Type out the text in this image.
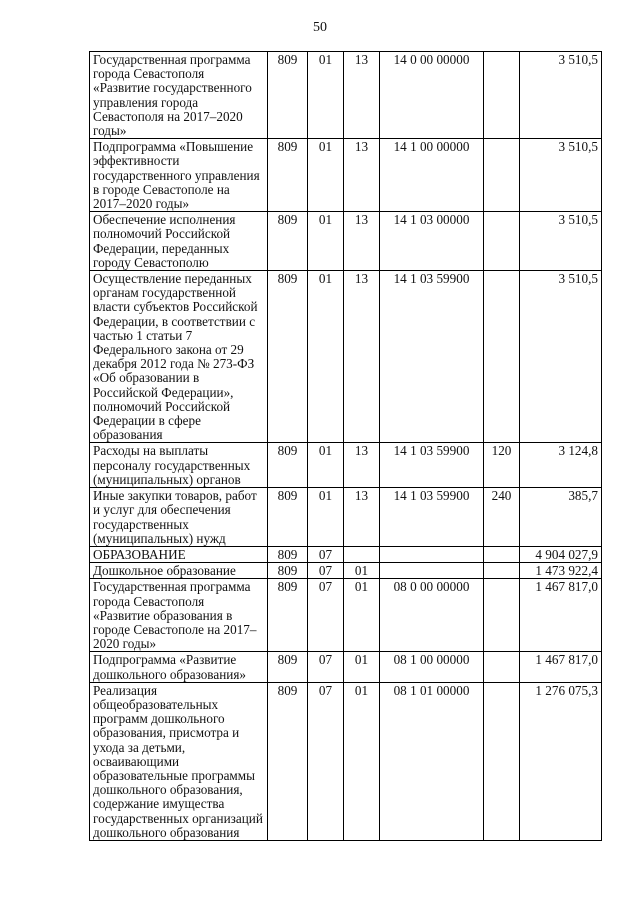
50
Государственная программа города Севастополя «Развитие государственного управления города Севастополя на 2017–2020 годы»	809	01	13	14 0 00 00000		3 510,5
Подпрограмма «Повышение эффективности государственного управления в городе Севастополе на 2017–2020 годы»	809	01	13	14 1 00 00000		3 510,5
Обеспечение исполнения полномочий Российской Федерации, переданных городу Севастополю	809	01	13	14 1 03 00000		3 510,5
Осуществление переданных органам государственной власти субъектов Российской Федерации, в соответствии с частью 1 статьи 7 Федерального закона от 29 декабря 2012 года № 273-ФЗ «Об образовании в Российской Федерации», полномочий Российской Федерации в сфере образования	809	01	13	14 1 03 59900		3 510,5
Расходы на выплаты персоналу государственных (муниципальных) органов	809	01	13	14 1 03 59900	120	3 124,8
Иные закупки товаров, работ и услуг для обеспечения государственных (муниципальных) нужд	809	01	13	14 1 03 59900	240	385,7
ОБРАЗОВАНИЕ	809	07				4 904 027,9
Дошкольное образование	809	07	01			1 473 922,4
Государственная программа города Севастополя «Развитие образования в городе Севастополе на 2017–2020 годы»	809	07	01	08 0 00 00000		1 467 817,0
Подпрограмма «Развитие дошкольного образования»	809	07	01	08 1 00 00000		1 467 817,0
Реализация общеобразовательных программ дошкольного образования, присмотра и ухода за детьми, осваивающими образовательные программы дошкольного образования, содержание имущества государственных организаций дошкольного образования	809	07	01	08 1 01 00000		1 276 075,3
